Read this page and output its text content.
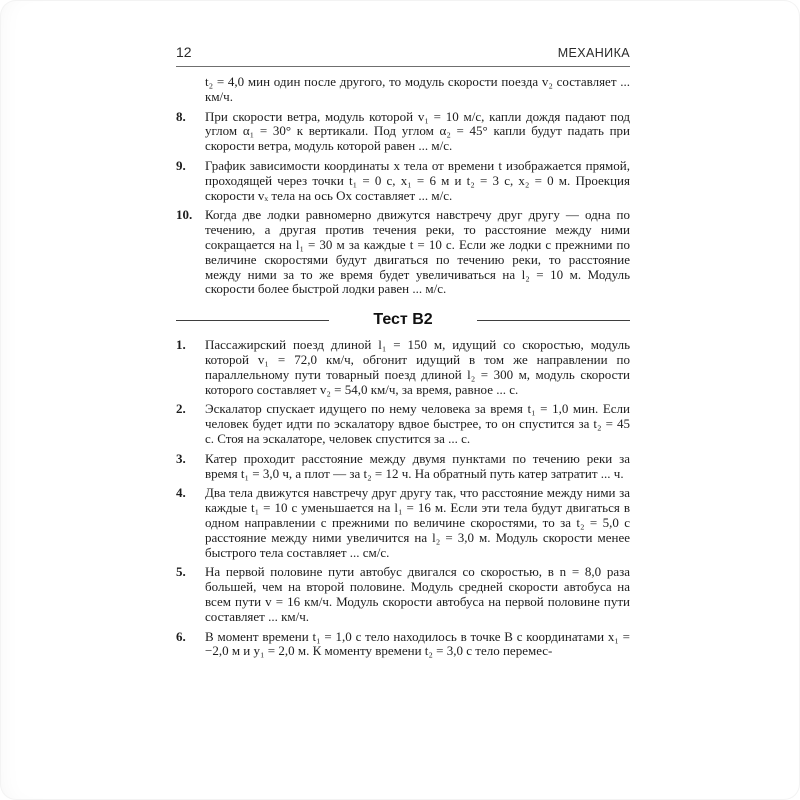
12	МЕХАНИКА
t₂ = 4,0 мин один после другого, то модуль скорости поезда v₂ составляет ... км/ч.
8. При скорости ветра, модуль которой v₁ = 10 м/с, капли дождя падают под углом α₁ = 30° к вертикали. Под углом α₂ = 45° капли будут падать при скорости ветра, модуль которой равен ... м/с.
9. График зависимости координаты x тела от времени t изображается прямой, проходящей через точки t₁ = 0 с, x₁ = 6 м и t₂ = 3 с, x₂ = 0 м. Проекция скорости vₓ тела на ось Ox составляет ... м/с.
10. Когда две лодки равномерно движутся навстречу друг другу — одна по течению, а другая против течения реки, то расстояние между ними сокращается на l₁ = 30 м за каждые t = 10 с. Если же лодки с прежними по величине скоростями будут двигаться по течению реки, то расстояние между ними за то же время будет увеличиваться на l₂ = 10 м. Модуль скорости более быстрой лодки равен ... м/с.
Тест В2
1. Пассажирский поезд длиной l₁ = 150 м, идущий со скоростью, модуль которой v₁ = 72,0 км/ч, обгонит идущий в том же направлении по параллельному пути товарный поезд длиной l₂ = 300 м, модуль скорости которого составляет v₂ = 54,0 км/ч, за время, равное ... с.
2. Эскалатор спускает идущего по нему человека за время t₁ = 1,0 мин. Если человек будет идти по эскалатору вдвое быстрее, то он спустится за t₂ = 45 с. Стоя на эскалаторе, человек спустится за ... с.
3. Катер проходит расстояние между двумя пунктами по течению реки за время t₁ = 3,0 ч, а плот — за t₂ = 12 ч. На обратный путь катер затратит ... ч.
4. Два тела движутся навстречу друг другу так, что расстояние между ними за каждые t₁ = 10 с уменьшается на l₁ = 16 м. Если эти тела будут двигаться в одном направлении с прежними по величине скоростями, то за t₂ = 5,0 с расстояние между ними увеличится на l₂ = 3,0 м. Модуль скорости менее быстрого тела составляет ... см/с.
5. На первой половине пути автобус двигался со скоростью, в n = 8,0 раза большей, чем на второй половине. Модуль средней скорости автобуса на всем пути v = 16 км/ч. Модуль скорости автобуса на первой половине пути составляет ... км/ч.
6. В момент времени t₁ = 1,0 с тело находилось в точке B с координатами x₁ = −2,0 м и y₁ = 2,0 м. К моменту времени t₂ = 3,0 с тело перемес-
